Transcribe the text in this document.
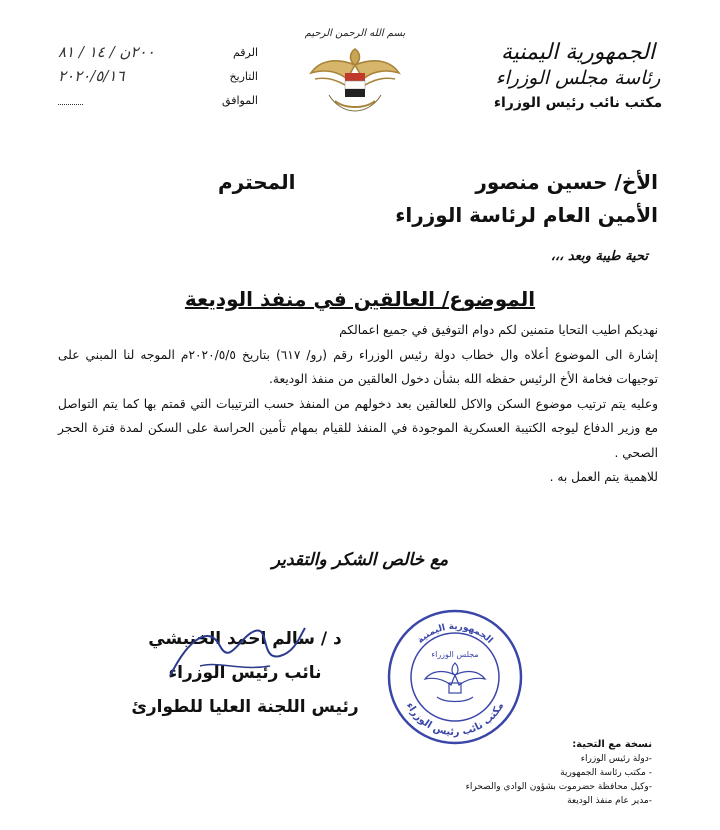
الجمهورية اليمنية
رئاسة مجلس الوزراء
مكتب نائب رئيس الوزراء
بسم الله الرحمن الرحيم
الرقم
٢٠٠ن / ١٤ / ٨١
التاريخ
٢٠٢٠/٥/١٦
الموافق
الأخ/ حسين منصور
المحترم
الأمين العام لرئاسة الوزراء
تحية طيبة وبعد ،،،
الموضوع/ العالقين في منفذ الوديعة

نهديكم اطيب التحايا متمنين لكم دوام التوفيق في جميع اعمالكم

إشارة الى الموضوع أعلاه وال خطاب دولة رئيس الوزراء رقم (رو/ ٦١٧) بتاريخ ٢٠٢٠/٥/٥م الموجه لنا المبني على توجيهات فخامة الأخ الرئيس حفظه الله بشأن دخول العالقين من منفذ الوديعة.

وعليه يتم ترتيب موضوع السكن والاكل للعالقين بعد دخولهم من المنفذ حسب الترتيبات التي قمتم بها كما يتم التواصل مع وزير الدفاع ليوجه الكتيبة العسكرية الموجودة في المنفذ للقيام بمهام تأمين الحراسة على السكن لمدة فترة الحجر الصحي .

للاهمية يتم العمل به .

مع خالص الشكر والتقدير
د / سالم احمد الخنبشي
نائب رئيس الوزراء
رئيس اللجنة العليا للطوارئ
الجمهورية اليمنية
مجلس الوزراء
مكتب نائب رئيس الوزراء
نسخة مع التحية:
-دولة رئيس الوزراء
- مكتب رئاسة الجمهورية
-وكيل محافظة حضرموت بشؤون الوادي والصحراء
-مدير عام منفذ الوديعة
